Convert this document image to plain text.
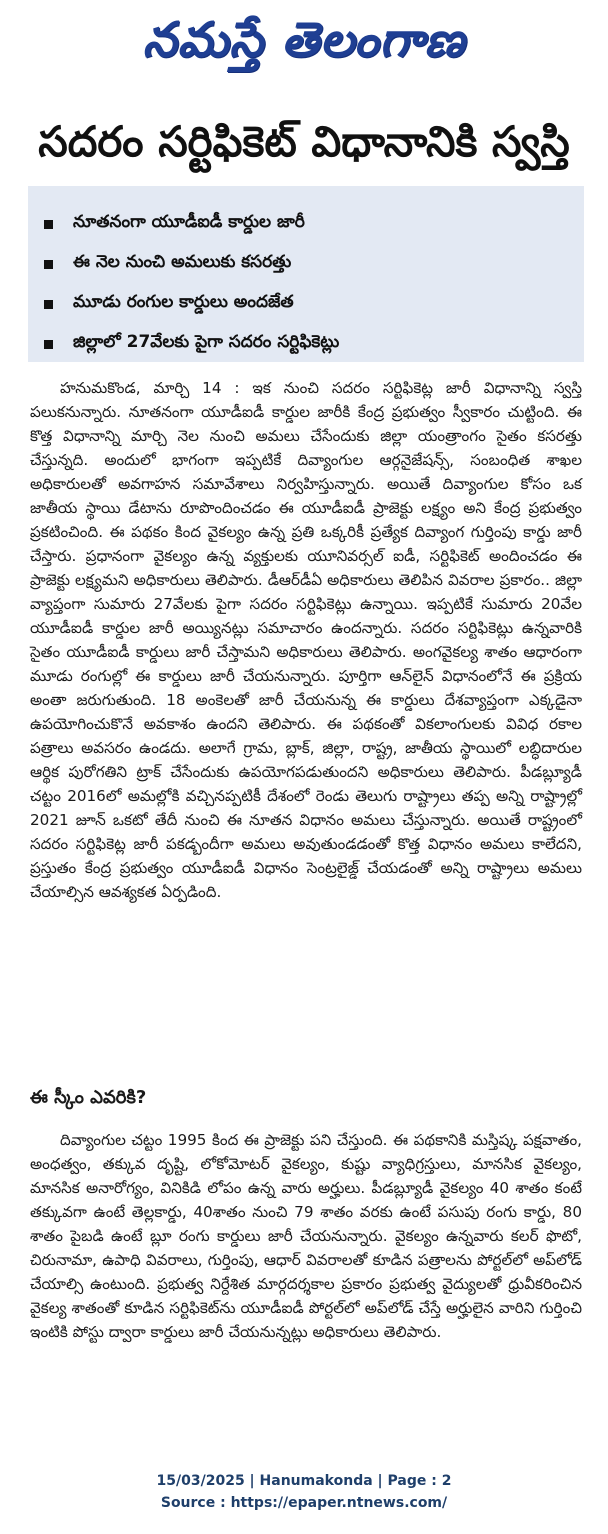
నమస్తే తెలంగాణ
సదరం సర్టిఫికెట్ విధానానికి స్వస్తి
నూతనంగా యూడీఐడీ కార్డుల జారీ
ఈ నెల నుంచి అమలుకు కసరత్తు
మూడు రంగుల కార్డులు అందజేత
జిల్లాలో 27వేలకు పైగా సదరం సర్టిఫికెట్లు

హనుమకొండ, మార్చి 14 : ఇక నుంచి సదరం సర్టిఫికెట్ల జారీ విధానాన్ని స్వస్తి పలుకనున్నారు. నూతనంగా యూడీఐడీ కార్డుల జారీకి కేంద్ర ప్రభుత్వం స్వీకారం చుట్టింది. ఈ కొత్త విధానాన్ని మార్చి నెల నుంచి అమలు చేసేందుకు జిల్లా యంత్రాంగం సైతం కసరత్తు చేస్తున్నది. అందులో భాగంగా ఇప్పటికే దివ్యాంగుల ఆర్గనైజేషన్స్, సంబంధిత శాఖల అధికారులతో అవగాహన సమావేశాలు నిర్వహిస్తున్నారు. అయితే దివ్యాంగుల కోసం ఒక జాతీయ స్థాయి డేటాను రూపొందించడం ఈ యూడీఐడీ ప్రాజెక్టు లక్ష్యం అని కేంద్ర ప్రభుత్వం ప్రకటించింది. ఈ పథకం కింద వైకల్యం ఉన్న ప్రతి ఒక్కరికీ ప్రత్యేక దివ్యాంగ గుర్తింపు కార్డు జారీ చేస్తారు. ప్రధానంగా వైకల్యం ఉన్న వ్యక్తులకు యూనివర్సల్ ఐడీ, సర్టిఫికెట్ అందించడం ఈ ప్రాజెక్టు లక్ష్యమని అధికారులు తెలిపారు. డీఆర్‌డీఏ అధికారులు తెలిపిన వివరాల ప్రకారం.. జిల్లా వ్యాప్తంగా సుమారు 27వేలకు పైగా సదరం సర్టిఫికెట్లు ఉన్నాయి. ఇప్పటికే సుమారు 20వేల యూడీఐడీ కార్డుల జారీ అయ్యినట్లు సమాచారం ఉందన్నారు. సదరం సర్టిఫికెట్లు ఉన్నవారికి సైతం యూడీఐడీ కార్డులు జారీ చేస్తామని అధికారులు తెలిపారు. అంగవైకల్య శాతం ఆధారంగా మూడు రంగుల్లో ఈ కార్డులు జారీ చేయనున్నారు. పూర్తిగా ఆన్‌లైన్ విధానంలోనే ఈ ప్రక్రియ అంతా జరుగుతుంది. 18 అంకెలతో జారీ చేయనున్న ఈ కార్డులు దేశవ్యాప్తంగా ఎక్కడైనా ఉపయోగించుకొనే అవకాశం ఉందని తెలిపారు. ఈ పథకంతో వికలాంగులకు వివిధ రకాల పత్రాలు అవసరం ఉండదు. అలాగే గ్రామ, బ్లాక్, జిల్లా, రాష్ట్ర, జాతీయ స్థాయిలో లబ్ధిదారుల ఆర్థిక పురోగతిని ట్రాక్ చేసేందుకు ఉపయోగపడుతుందని అధికారులు తెలిపారు. పీడబ్ల్యూడీ చట్టం 2016లో అమల్లోకి వచ్చినప్పటికీ దేశంలో రెండు తెలుగు రాష్ట్రాలు తప్ప అన్ని రాష్ట్రాల్లో 2021 జూన్ ఒకటో తేదీ నుంచి ఈ నూతన విధానం అమలు చేస్తున్నారు. అయితే రాష్ట్రంలో సదరం సర్టిఫికెట్ల జారీ పకడ్బందీగా అమలు అవుతుండడంతో కొత్త విధానం అమలు కాలేదని, ప్రస్తుతం కేంద్ర ప్రభుత్వం యూడీఐడీ విధానం సెంట్రలైజ్డ్ చేయడంతో అన్ని రాష్ట్రాలు అమలు చేయాల్సిన ఆవశ్యకత ఏర్పడింది.

ఈ స్కీం ఎవరికి?

దివ్యాంగుల చట్టం 1995 కింద ఈ ప్రాజెక్టు పని చేస్తుంది. ఈ పథకానికి మస్తిష్క పక్షవాతం, అంధత్వం, తక్కువ దృష్టి, లోకోమోటర్ వైకల్యం, కుష్టు వ్యాధిగ్రస్తులు, మానసిక వైకల్యం, మానసిక అనారోగ్యం, వినికిడి లోపం ఉన్న వారు అర్హులు. పీడబ్ల్యూడీ వైకల్యం 40 శాతం కంటే తక్కువగా ఉంటే తెల్లకార్డు, 40శాతం నుంచి 79 శాతం వరకు ఉంటే పసుపు రంగు కార్డు, 80 శాతం పైబడి ఉంటే బ్లూ రంగు కార్డులు జారీ చేయనున్నారు. వైకల్యం ఉన్నవారు కలర్ ఫొటో, చిరునామా, ఉపాధి వివరాలు, గుర్తింపు, ఆధార్ వివరాలతో కూడిన పత్రాలను పోర్టల్‌లో అప్‌లోడ్ చేయాల్సి ఉంటుంది. ప్రభుత్వ నిర్దేశిత మార్గదర్శకాల ప్రకారం ప్రభుత్వ వైద్యులతో ధ్రువీకరించిన వైకల్య శాతంతో కూడిన సర్టిఫికెట్‌ను యూడీఐడీ పోర్టల్‌లో అప్‌లోడ్ చేస్తే అర్హులైన వారిని గుర్తించి ఇంటికి పోస్టు ద్వారా కార్డులు జారీ చేయనున్నట్లు అధికారులు తెలిపారు.

15/03/2025 | Hanumakonda | Page : 2
Source : https://epaper.ntnews.com/
